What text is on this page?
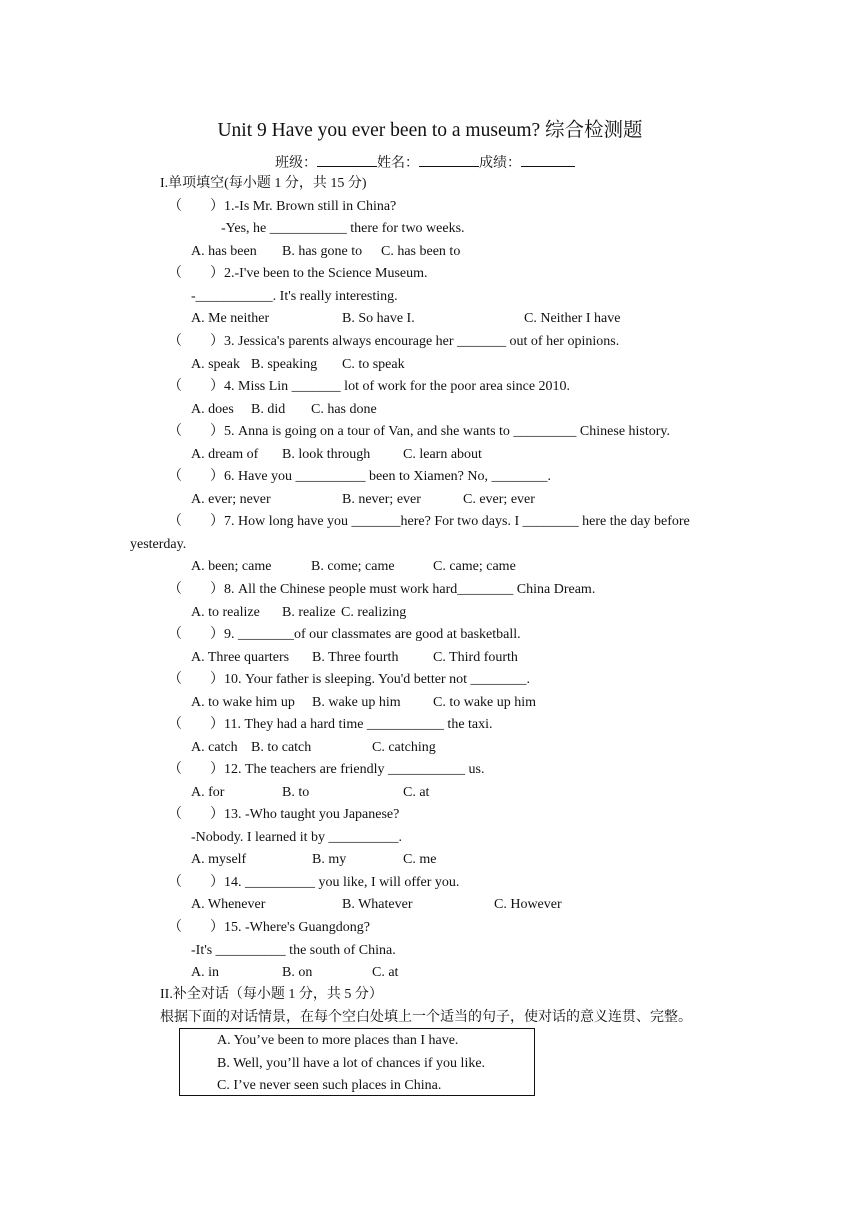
Unit 9 Have you ever been to a museum? 综合检测题
班级：	姓名：	成绩：
I.单项填空(每小题 1 分，共 15 分)
（　　）1.-Is Mr. Brown still in China?
-Yes, he ___________ there for two weeks.
A. has been B. has gone to C. has been to
（　　）2.-I've been to the Science Museum.
-___________. It's really interesting.
A. Me neither	B. So have I.	C. Neither I have
（　　）3. Jessica's parents always encourage her _______ out of her opinions.
A. speak B. speaking C. to speak
（　　）4. Miss Lin _______ lot of work for the poor area since 2010.
A. does B. did C. has done
（　　）5. Anna is going on a tour of Van, and she wants to _________ Chinese history.
A. dream of B. look through C. learn about
（　　）6. Have you __________ been to Xiamen? No, ________.
A. ever; never	B. never; ever	C. ever; ever
（　　）7. How long have you _______here? For two days. I ________ here the day before
yesterday.
A. been; came	B. come; came	C. came; came
（　　）8. All the Chinese people must work hard________ China Dream.
A. to realize B. realize C. realizing
（　　）9. ________of our classmates are good at basketball.
A. Three quarters B. Three fourth C. Third fourth
（　　）10. Your father is sleeping. You'd better not ________.
A. to wake him up B. wake up him C. to wake up him
（　　）11. They had a hard time ___________ the taxi.
A. catch B. to catch	C. catching
（　　）12. The teachers are friendly ___________ us.
A. for	B. to	C. at
（　　）13. -Who taught you Japanese?
-Nobody. I learned it by __________.
A. myself	B. my	C. me
（　　）14. __________ you like, I will offer you.
A. Whenever	B. Whatever	C. However
（　　）15. -Where's Guangdong?
-It's __________ the south of China.
A. in	B. on	C. at
II.补全对话（每小题 1 分，共 5 分）
根据下面的对话情景，在每个空白处填上一个适当的句子，使对话的意义连贯、完整。
A. You’ve been to more places than I have.
B. Well, you’ll have a lot of chances if you like.
C. I’ve never seen such places in China.
